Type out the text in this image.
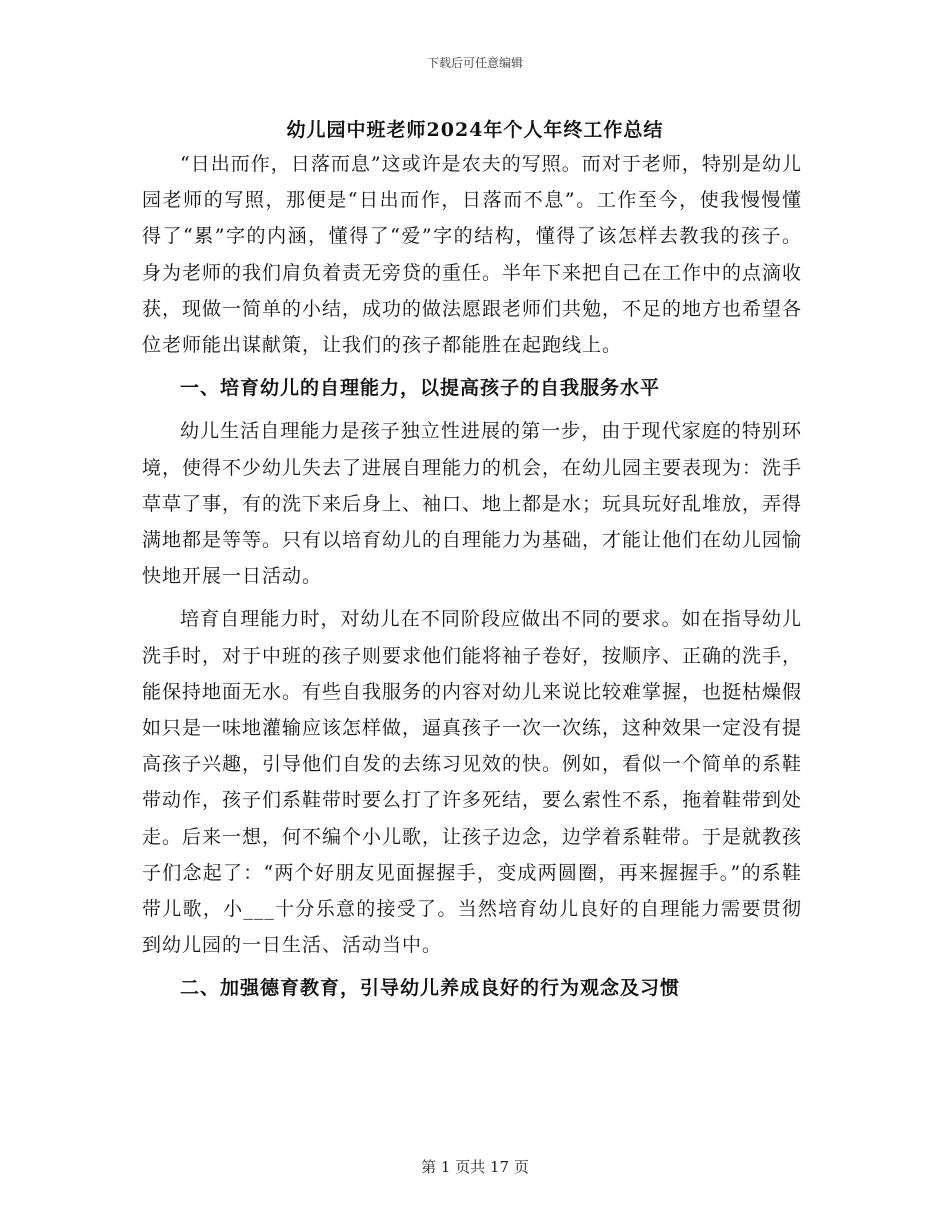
下载后可任意编辑
幼儿园中班老师2024年个人年终工作总结

“日出而作，日落而息”这或许是农夫的写照。而对于老师，特别是幼儿园老师的写照，那便是“日出而作，日落而不息”。工作至今，使我慢慢懂得了“累”字的内涵，懂得了“爱”字的结构，懂得了该怎样去教我的孩子。身为老师的我们肩负着责无旁贷的重任。半年下来把自己在工作中的点滴收获，现做一简单的小结，成功的做法愿跟老师们共勉，不足的地方也希望各位老师能出谋献策，让我们的孩子都能胜在起跑线上。

一、培育幼儿的自理能力，以提高孩子的自我服务水平

幼儿生活自理能力是孩子独立性进展的第一步，由于现代家庭的特别环境，使得不少幼儿失去了进展自理能力的机会，在幼儿园主要表现为：洗手草草了事，有的洗下来后身上、袖口、地上都是水；玩具玩好乱堆放，弄得满地都是等等。只有以培育幼儿的自理能力为基础，才能让他们在幼儿园愉快地开展一日活动。

培育自理能力时，对幼儿在不同阶段应做出不同的要求。如在指导幼儿洗手时，对于中班的孩子则要求他们能将袖子卷好，按顺序、正确的洗手，能保持地面无水。有些自我服务的内容对幼儿来说比较难掌握，也挺枯燥假如只是一味地灌输应该怎样做，逼真孩子一次一次练，这种效果一定没有提高孩子兴趣，引导他们自发的去练习见效的快。例如，看似一个简单的系鞋带动作，孩子们系鞋带时要么打了许多死结，要么索性不系，拖着鞋带到处走。后来一想，何不编个小儿歌，让孩子边念，边学着系鞋带。于是就教孩子们念起了：“两个好朋友见面握握手，变成两圆圈，再来握握手。”的系鞋带儿歌，小___十分乐意的接受了。当然培育幼儿良好的自理能力需要贯彻到幼儿园的一日生活、活动当中。

二、加强德育教育，引导幼儿养成良好的行为观念及习惯

第 1 页共 17 页
